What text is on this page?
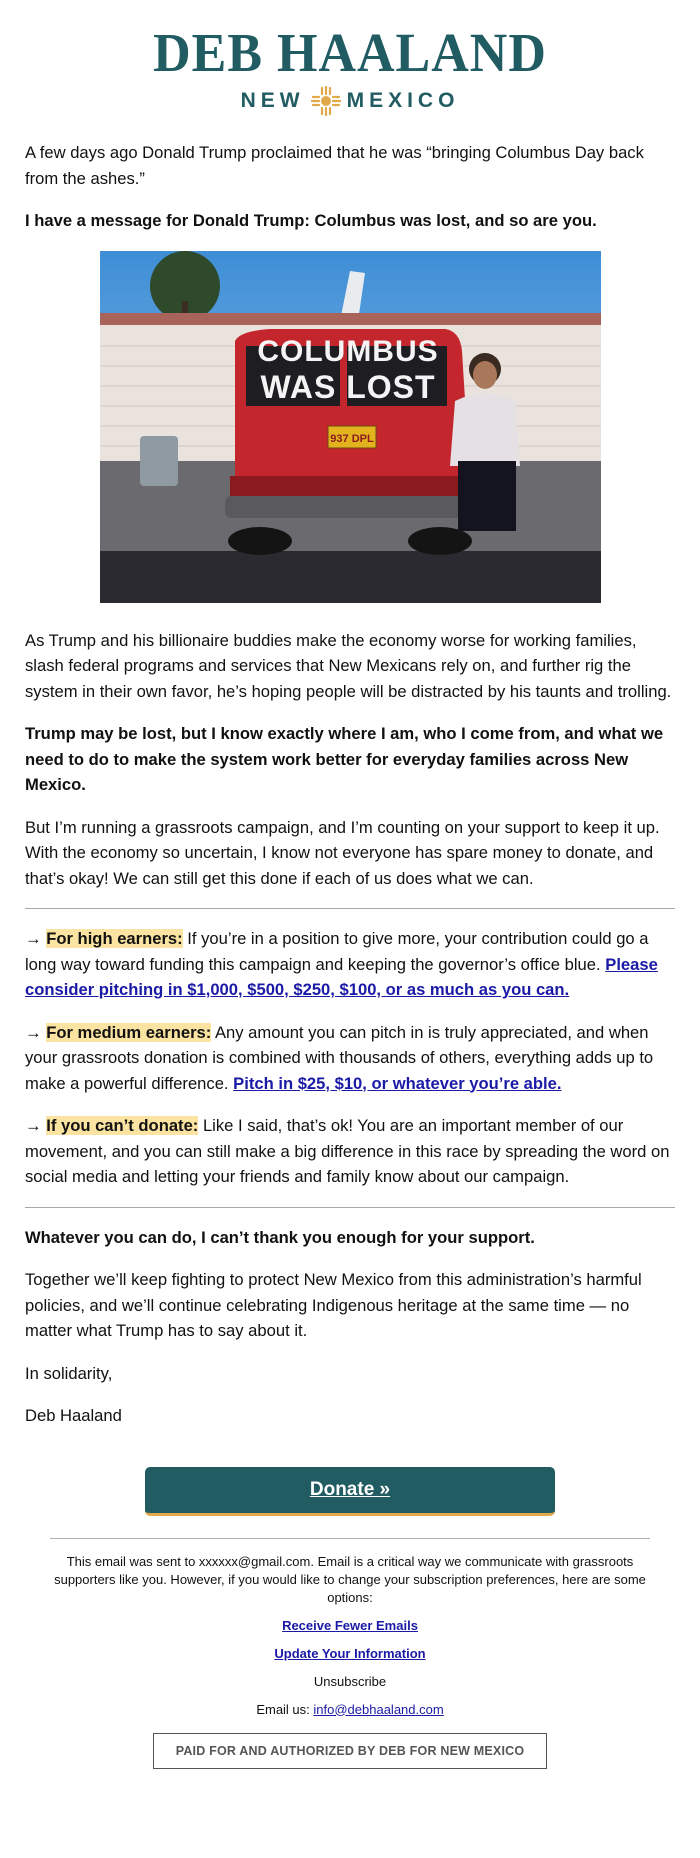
DEB HAALAND
NEW MEXICO

A few days ago Donald Trump proclaimed that he was “bringing Columbus Day back from the ashes.”

I have a message for Donald Trump: Columbus was lost, and so are you.

COLUMBUS
WAS LOST
937 DPL

As Trump and his billionaire buddies make the economy worse for working families, slash federal programs and services that New Mexicans rely on, and further rig the system in their own favor, he’s hoping people will be distracted by his taunts and trolling.

Trump may be lost, but I know exactly where I am, who I come from, and what we need to do to make the system work better for everyday families across New Mexico.

But I’m running a grassroots campaign, and I’m counting on your support to keep it up. With the economy so uncertain, I know not everyone has spare money to donate, and that’s okay! We can still get this done if each of us does what we can.

→ For high earners: If you’re in a position to give more, your contribution could go a long way toward funding this campaign and keeping the governor’s office blue. Please consider pitching in $1,000, $500, $250, $100, or as much as you can.

→ For medium earners: Any amount you can pitch in is truly appreciated, and when your grassroots donation is combined with thousands of others, everything adds up to make a powerful difference. Pitch in $25, $10, or whatever you’re able.

→ If you can’t donate: Like I said, that’s ok! You are an important member of our movement, and you can still make a big difference in this race by spreading the word on social media and letting your friends and family know about our campaign.

Whatever you can do, I can’t thank you enough for your support.

Together we’ll keep fighting to protect New Mexico from this administration’s harmful policies, and we’ll continue celebrating Indigenous heritage at the same time — no matter what Trump has to say about it.

In solidarity,

Deb Haaland

Donate »

This email was sent to xxxxxx@gmail.com. Email is a critical way we communicate with grassroots supporters like you. However, if you would like to change your subscription preferences, here are some options:

Receive Fewer Emails
Update Your Information
Unsubscribe
Email us: info@debhaaland.com
PAID FOR AND AUTHORIZED BY DEB FOR NEW MEXICO
